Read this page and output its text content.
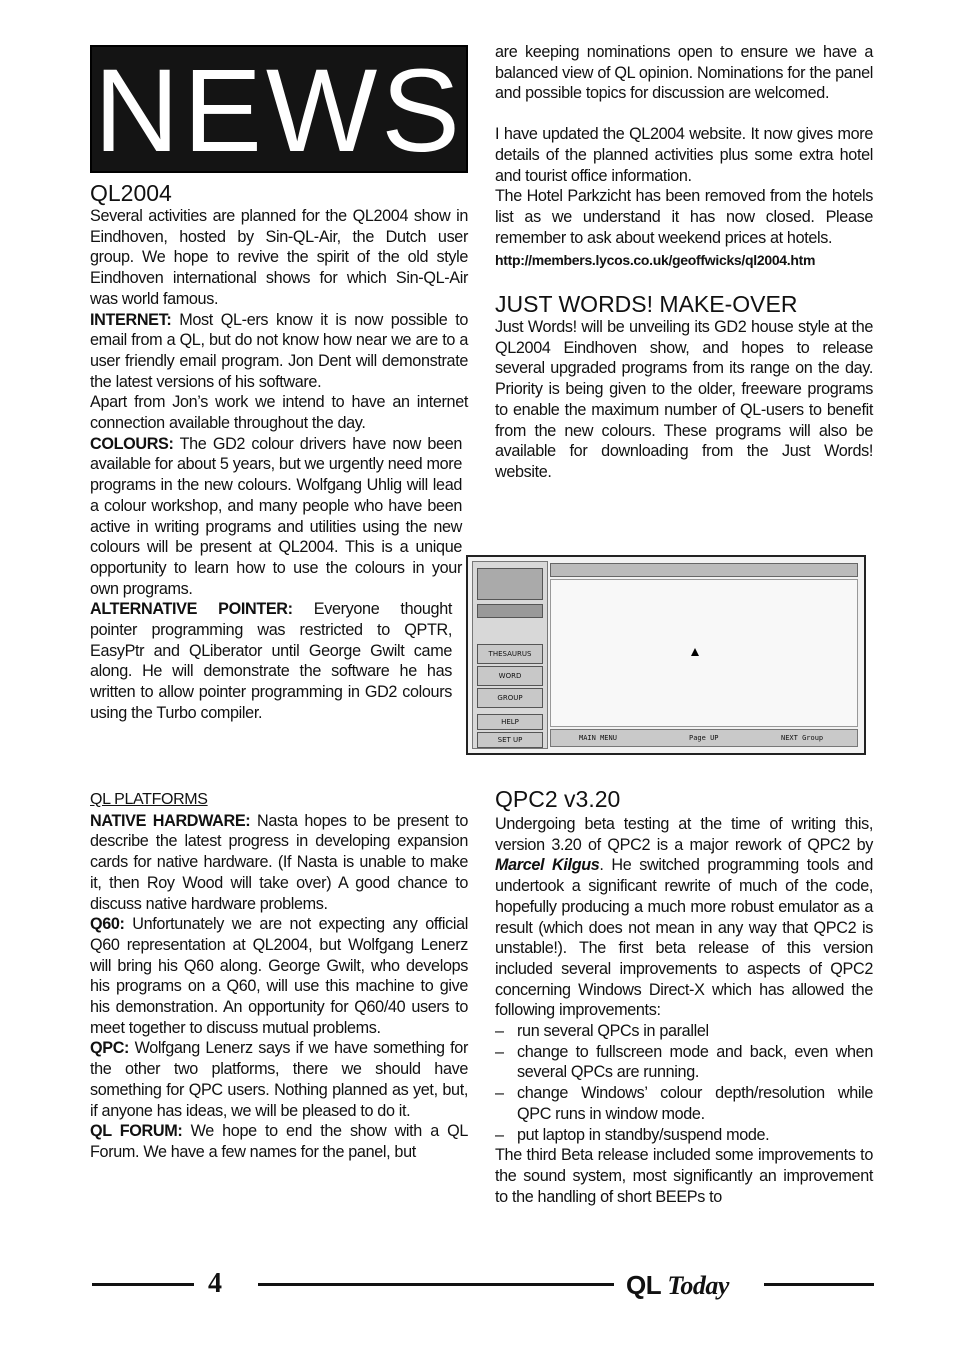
NEWS
QL2004

Several activities are planned for the QL2004 show in Eindhoven, hosted by Sin-QL-Air, the Dutch user group. We hope to revive the spirit of the old style Eindhoven international shows for which Sin-QL-Air was world famous.

INTERNET: Most QL-ers know it is now possible to email from a QL, but do not know how near we are to a user friendly email program. Jon Dent will demonstrate the latest versions of his software.

Apart from Jon’s work we intend to have an internet connection available throughout the day.

COLOURS: The GD2 colour drivers have now been available for about 5 years, but we urgently need more programs in the new colours. Wolfgang Uhlig will lead a colour workshop, and many people who have been active in writing programs and utilities using the new colours will be present at QL2004. This is a unique opportunity to learn how to use the colours in your own programs.

ALTERNATIVE POINTER: Everyone thought pointer programming was restricted to QPTR, EasyPtr and QLiberator until George Gwilt came along. He will demonstrate the software he has written to allow pointer programming in GD2 colours using the Turbo compiler.

QL PLATFORMS

NATIVE HARDWARE: Nasta hopes to be present to describe the latest progress in developing expansion cards for native hardware. (If Nasta is unable to make it, then Roy Wood will take over) A good chance to discuss native hardware problems.

Q60: Unfortunately we are not expecting any official Q60 representation at QL2004, but Wolfgang Lenerz will bring his Q60 along. George Gwilt, who develops his programs on a Q60, will use this machine to give his demonstration. An opportunity for Q60/40 users to meet together to discuss mutual problems.

QPC: Wolfgang Lenerz says if we have something for the other two platforms, there we should have something for QPC users. Nothing planned as yet, but, if anyone has ideas, we will be pleased to do it.

QL FORUM: We hope to end the show with a QL Forum. We have a few names for the panel, but

are keeping nominations open to ensure we have a balanced view of QL opinion. Nominations for the panel and possible topics for discussion are welcomed.

I have updated the QL2004 website. It now gives more details of the planned activities plus some extra hotel and tourist office information.

The Hotel Parkzicht has been removed from the hotels list as we understand it has now closed. Please remember to ask about weekend prices at hotels.

http://members.lycos.co.uk/geoffwicks/ql2004.htm

JUST WORDS! MAKE-OVER

Just Words! will be unveiling its GD2 house style at the QL2004 Eindhoven show, and hopes to release several upgraded programs from its range on the day. Priority is being given to the older, freeware programs to enable the maximum number of QL-users to benefit from the new colours. These programs will also be available for downloading from the Just Words! website.

THESAURUS
WORD
GROUP
HELP
SET UP	MAIN MENU	Page UP	NEXT Group
QPC2 v3.20

Undergoing beta testing at the time of writing this, version 3.20 of QPC2 is a major rework of QPC2 by Marcel Kilgus. He switched programming tools and undertook a significant rewrite of much of the code, hopefully producing a much more robust emulator as a result (which does not mean in any way that QPC2 is unstable!). The first beta release of this version included several improvements to aspects of QPC2 concerning Windows Direct-X which has allowed the following improvements:

– run several QPCs in parallel
– change to fullscreen mode and back, even when several QPCs are running.
– change Windows’ colour depth/resolution while QPC runs in window mode.
– put laptop in standby/suspend mode.

The third Beta release included some improvements to the sound system, most significantly an improvement to the handling of short BEEPs to

4	QL Today
